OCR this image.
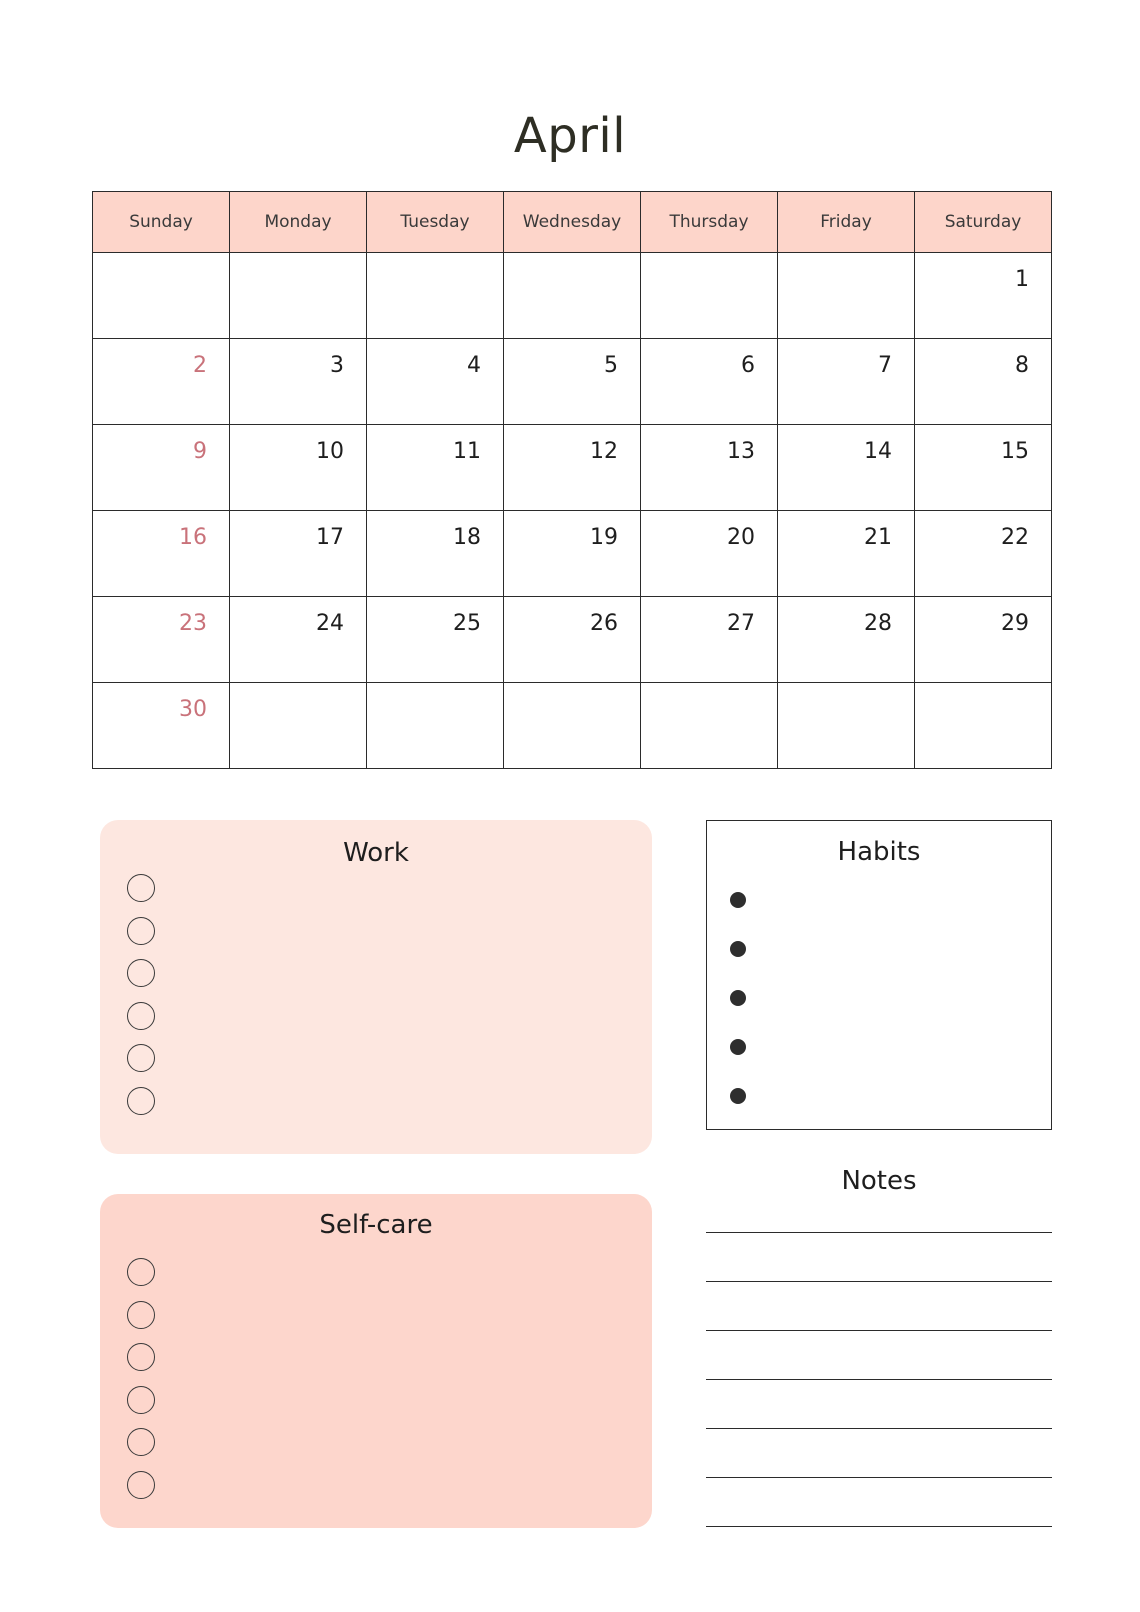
April
Sunday	Monday	Tuesday	Wednesday	Thursday	Friday	Saturday
						1
2	3	4	5	6	7	8
9	10	11	12	13	14	15
16	17	18	19	20	21	22
23	24	25	26	27	28	29
30						
Work
Self-care
Habits
Notes
